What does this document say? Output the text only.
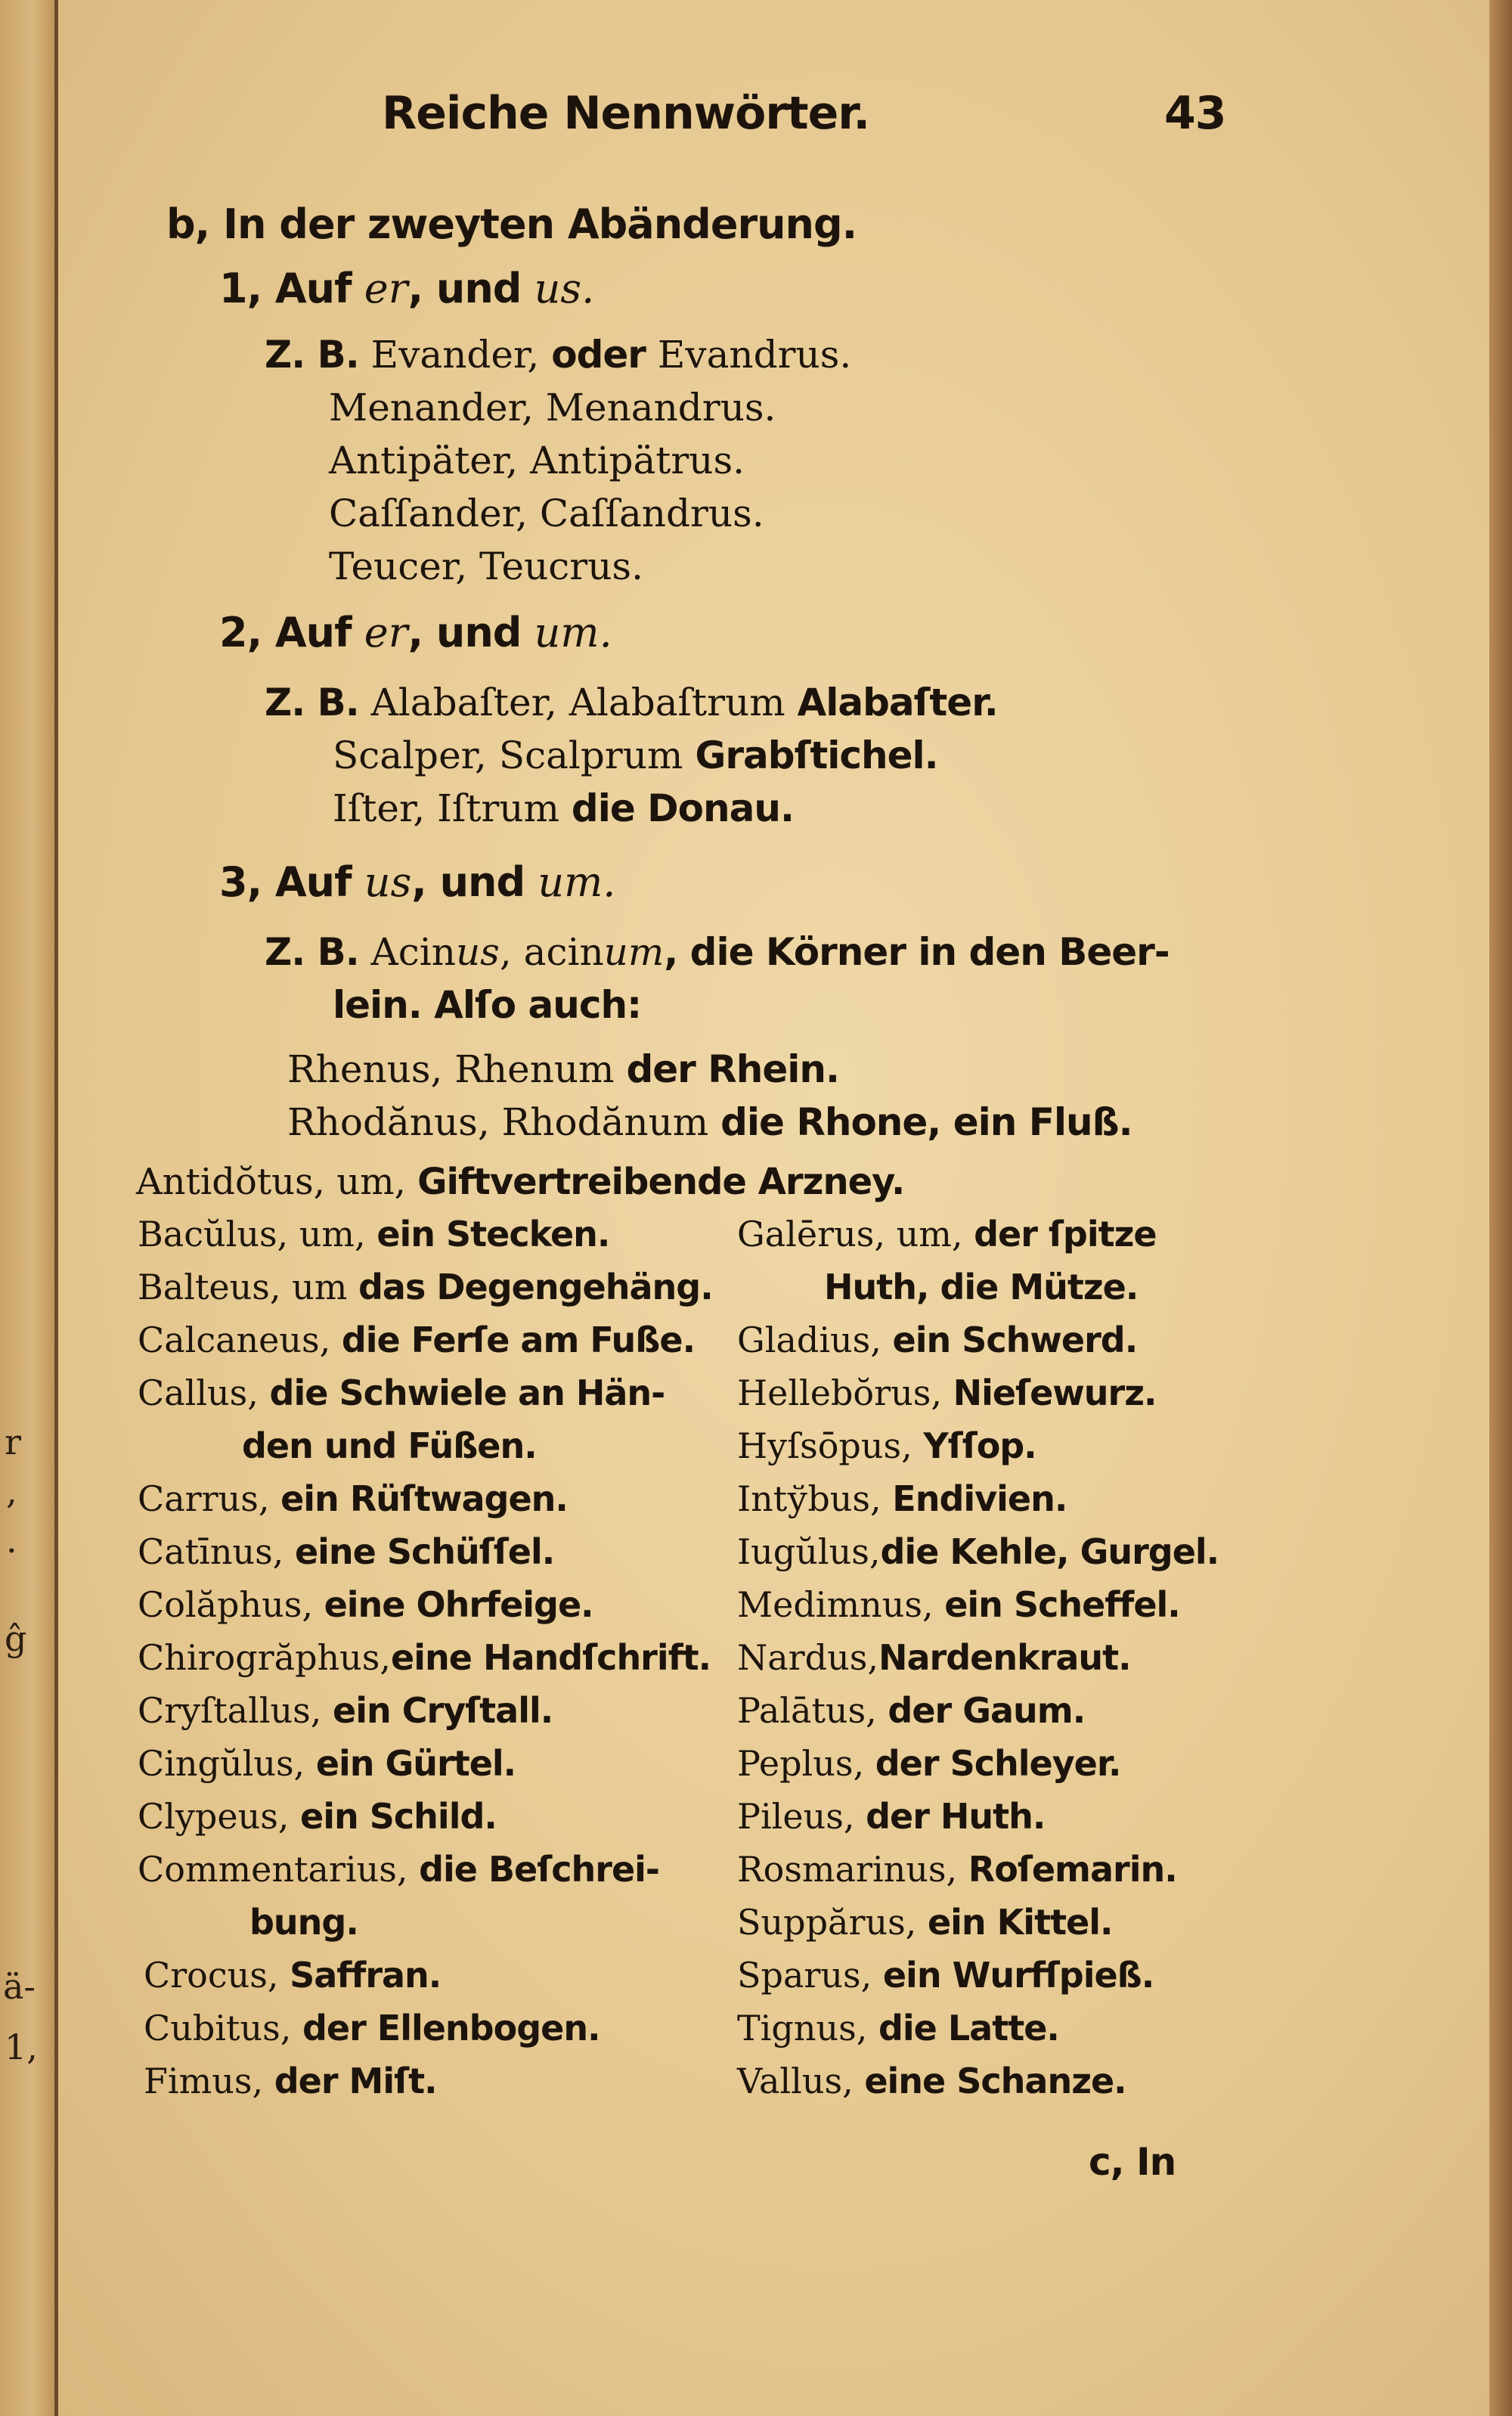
r
,
.
ĝ
ä-
1,
Reiche Nennwörter.	43
b, In der zweyten Abänderung.
1, Auf er, und us.
Z. B. Evander, oder Evandrus.
Menander, Menandrus.
Antipäter, Antipätrus.
Caſſander, Caſſandrus.
Teucer, Teucrus.
2, Auf er, und um.
Z. B. Alabaſter, Alabaſtrum Alabaſter.
Scalper, Scalprum Grabſtichel.
Iſter, Iſtrum die Donau.
3, Auf us, und um.
Z. B. Acinus, acinum, die Körner in den Beer-
lein. Alſo auch:
Rhenus, Rhenum der Rhein.
Rhodănus, Rhodănum die Rhone, ein Fluß.
Antidŏtus, um, Giftvertreibende Arzney.
Bacŭlus, um, ein Stecken.
Balteus, um das Degengehäng.
Calcaneus, die Ferſe am Fuße.
Callus, die Schwiele an Hän-
den und Füßen.
Carrus, ein Rüſtwagen.
Catīnus, eine Schüſſel.
Colăphus, eine Ohrfeige.
Chirogrăphus,eine Handſchrift.
Cryſtallus, ein Cryſtall.
Cingŭlus, ein Gürtel.
Clypeus, ein Schild.
Commentarius, die Beſchrei-
bung.
Crocus, Saffran.
Cubitus, der Ellenbogen.
Fimus, der Miſt.
Galērus, um, der ſpitze
Huth, die Mütze.
Gladius, ein Schwerd.
Hellebŏrus, Nieſewurz.
Hyſsōpus, Yſſop.
Intўbus, Endivien.
Iugŭlus,die Kehle, Gurgel.
Medimnus, ein Scheffel.
Nardus,Nardenkraut.
Palātus, der Gaum.
Peplus, der Schleyer.
Pileus, der Huth.
Rosmarinus, Roſemarin.
Suppărus, ein Kittel.
Sparus, ein Wurfſpieß.
Tignus, die Latte.
Vallus, eine Schanze.
c, In
